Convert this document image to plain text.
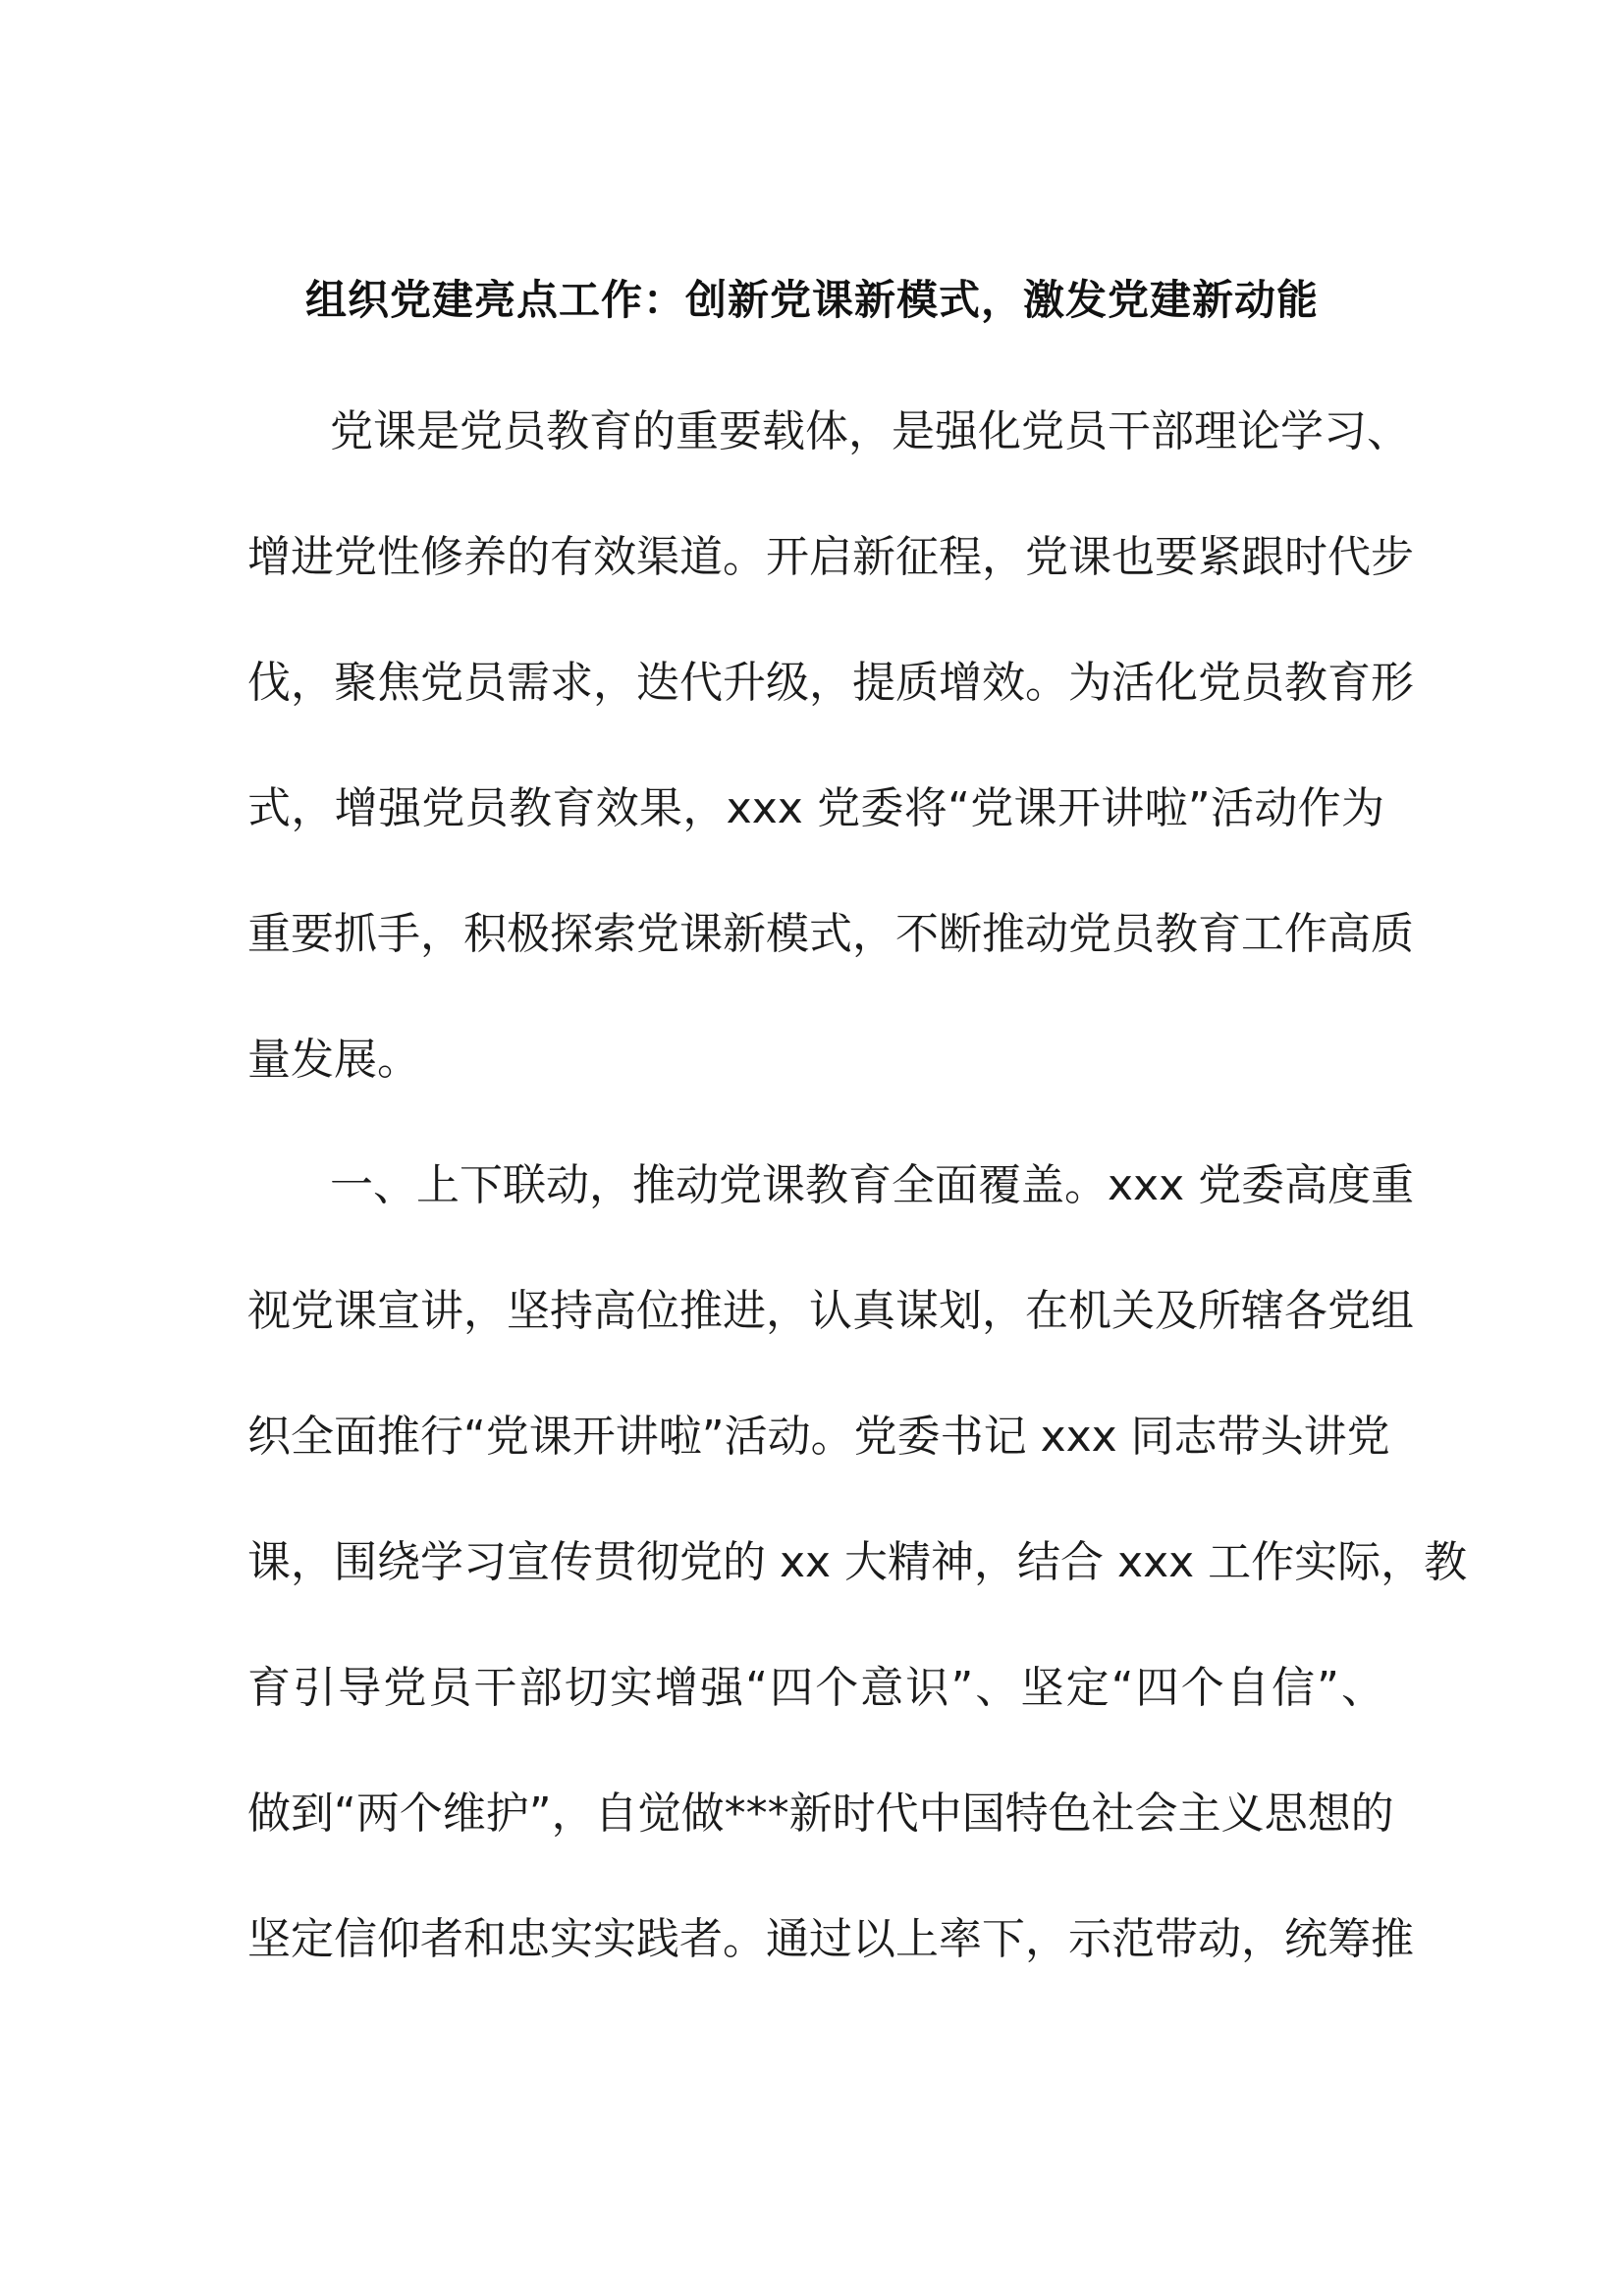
组织党建亮点工作：创新党课新模式，激发党建新动能
党课是党员教育的重要载体，是强化党员干部理论学习、
增进党性修养的有效渠道。开启新征程，党课也要紧跟时代步
伐，聚焦党员需求，迭代升级，提质增效。为活化党员教育形
式，增强党员教育效果，xxx 党委将“党课开讲啦”活动作为
重要抓手，积极探索党课新模式，不断推动党员教育工作高质
量发展。
一、上下联动，推动党课教育全面覆盖。xxx 党委高度重
视党课宣讲，坚持高位推进，认真谋划，在机关及所辖各党组
织全面推行“党课开讲啦”活动。党委书记 xxx 同志带头讲党
课，围绕学习宣传贯彻党的 xx 大精神，结合 xxx 工作实际，教
育引导党员干部切实增强“四个意识”、坚定“四个自信”、
做到“两个维护”，自觉做***新时代中国特色社会主义思想的
坚定信仰者和忠实实践者。通过以上率下，示范带动，统筹推
